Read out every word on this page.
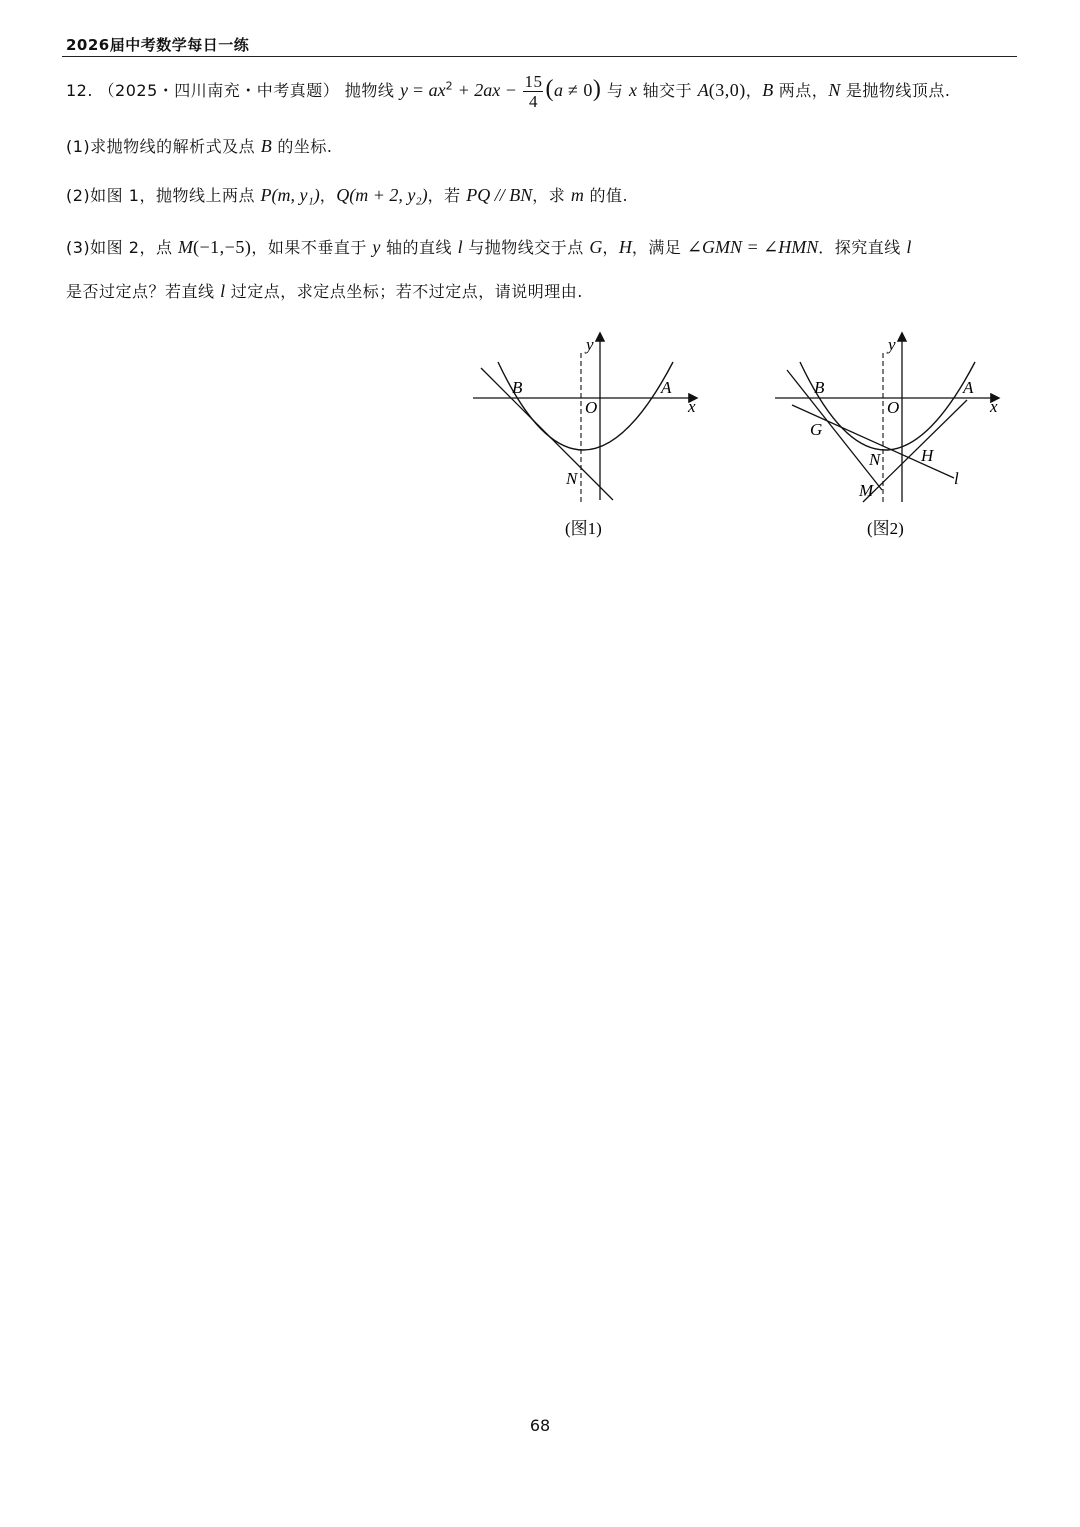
2026届中考数学每日一练
12. （2025・四川南充・中考真题） 抛物线 $y = ax^2 + 2ax - \frac{15}{4} (a \ne 0)$ 与 x 轴交于 A(3,0)，B 两点，N 是抛物线顶点.
(1)求抛物线的解析式及点 B 的坐标.
(2)如图 1，抛物线上两点 P(m, y₁)，Q(m + 2, y₂)，若 PQ // BN，求 m 的值.
(3)如图 2，点 M(−1,−5)，如果不垂直于 y 轴的直线 l 与抛物线交于点 G，H，满足 ∠GMN = ∠HMN．探究直线 l
是否过定点？若直线 l 过定点，求定点坐标；若不过定点，请说明理由.
y
x
O
A
B
N
(图1)
y
x
O
A
B
G
N H
M
l
(图2)
68
